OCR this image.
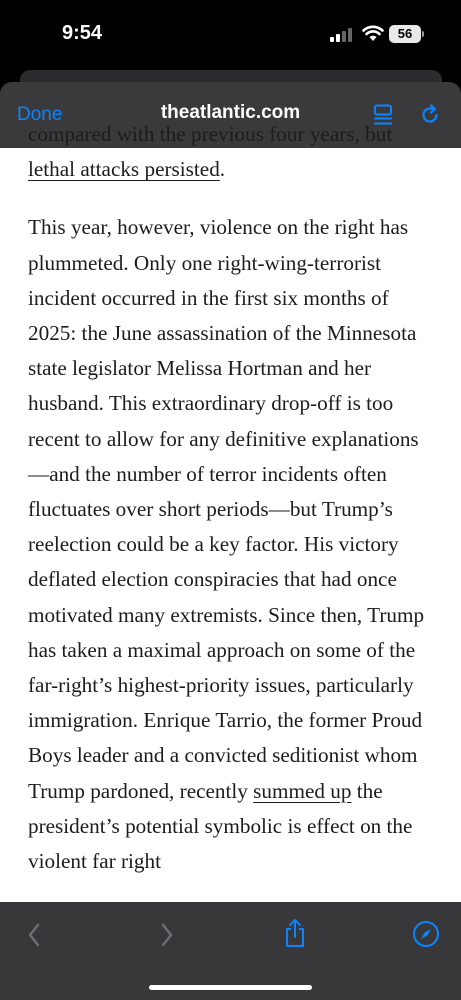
9:54	56
Done	theatlantic.com

compared with the previous four years, but lethal attacks persisted.

This year, however, violence on the right has plummeted. Only one right-wing-terrorist incident occurred in the first six months of 2025: the June assassination of the Minnesota state legislator Melissa Hortman and her husband. This extraordinary drop-off is too recent to allow for any definitive explanations—and the number of terror incidents often fluctuates over short periods—but Trump’s reelection could be a key factor. His victory deflated election conspiracies that had once motivated many extremists. Since then, Trump has taken a maximal approach on some of the far-right’s highest-priority issues, particularly immigration. Enrique Tarrio, the former Proud Boys leader and a convicted seditionist whom Trump pardoned, recently summed up the president’s potential symbolic is effect on the violent far right
